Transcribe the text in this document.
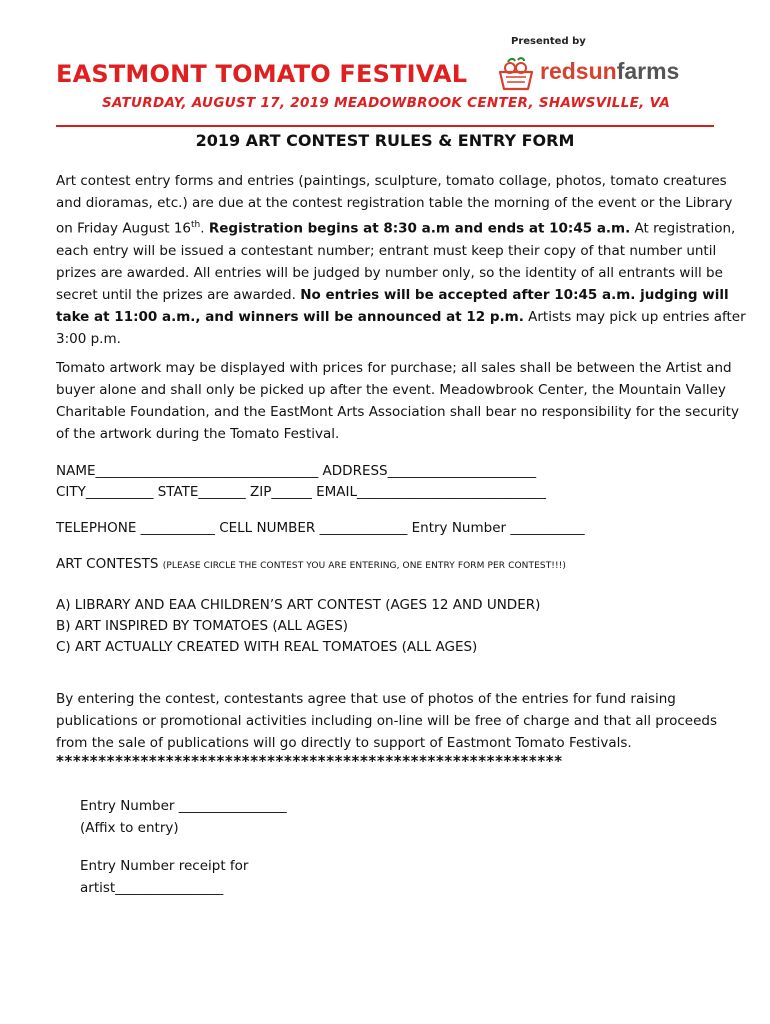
Presented by
EASTMONT TOMATO FESTIVAL	redsunfarms
SATURDAY, AUGUST 17, 2019 MEADOWBROOK CENTER, SHAWSVILLE, VA
2019 ART CONTEST RULES & ENTRY FORM
Art contest entry forms and entries (paintings, sculpture, tomato collage, photos, tomato creatures and dioramas, etc.) are due at the contest registration table the morning of the event or the Library on Friday August 16th. Registration begins at 8:30 a.m and ends at 10:45 a.m. At registration, each entry will be issued a contestant number; entrant must keep their copy of that number until prizes are awarded. All entries will be judged by number only, so the identity of all entrants will be secret until the prizes are awarded. No entries will be accepted after 10:45 a.m. judging will take at 11:00 a.m., and winners will be announced at 12 p.m. Artists may pick up entries after 3:00 p.m.
Tomato artwork may be displayed with prices for purchase; all sales shall be between the Artist and buyer alone and shall only be picked up after the event. Meadowbrook Center, the Mountain Valley Charitable Foundation, and the EastMont Arts Association shall bear no responsibility for the security of the artwork during the Tomato Festival.
NAME_________________________________ ADDRESS______________________
CITY__________ STATE_______ ZIP______ EMAIL____________________________
TELEPHONE ___________ CELL NUMBER _____________ Entry Number ___________
ART CONTESTS (PLEASE CIRCLE THE CONTEST YOU ARE ENTERING, ONE ENTRY FORM PER CONTEST!!!)
A) LIBRARY AND EAA CHILDREN’S ART CONTEST (AGES 12 AND UNDER)
B) ART INSPIRED BY TOMATOES (ALL AGES)
C) ART ACTUALLY CREATED WITH REAL TOMATOES (ALL AGES)
By entering the contest, contestants agree that use of photos of the entries for fund raising publications or promotional activities including on-line will be free of charge and that all proceeds from the sale of publications will go directly to support of Eastmont Tomato Festivals.
************************************************************
Entry Number ________________
(Affix to entry)
Entry Number receipt for
artist________________
